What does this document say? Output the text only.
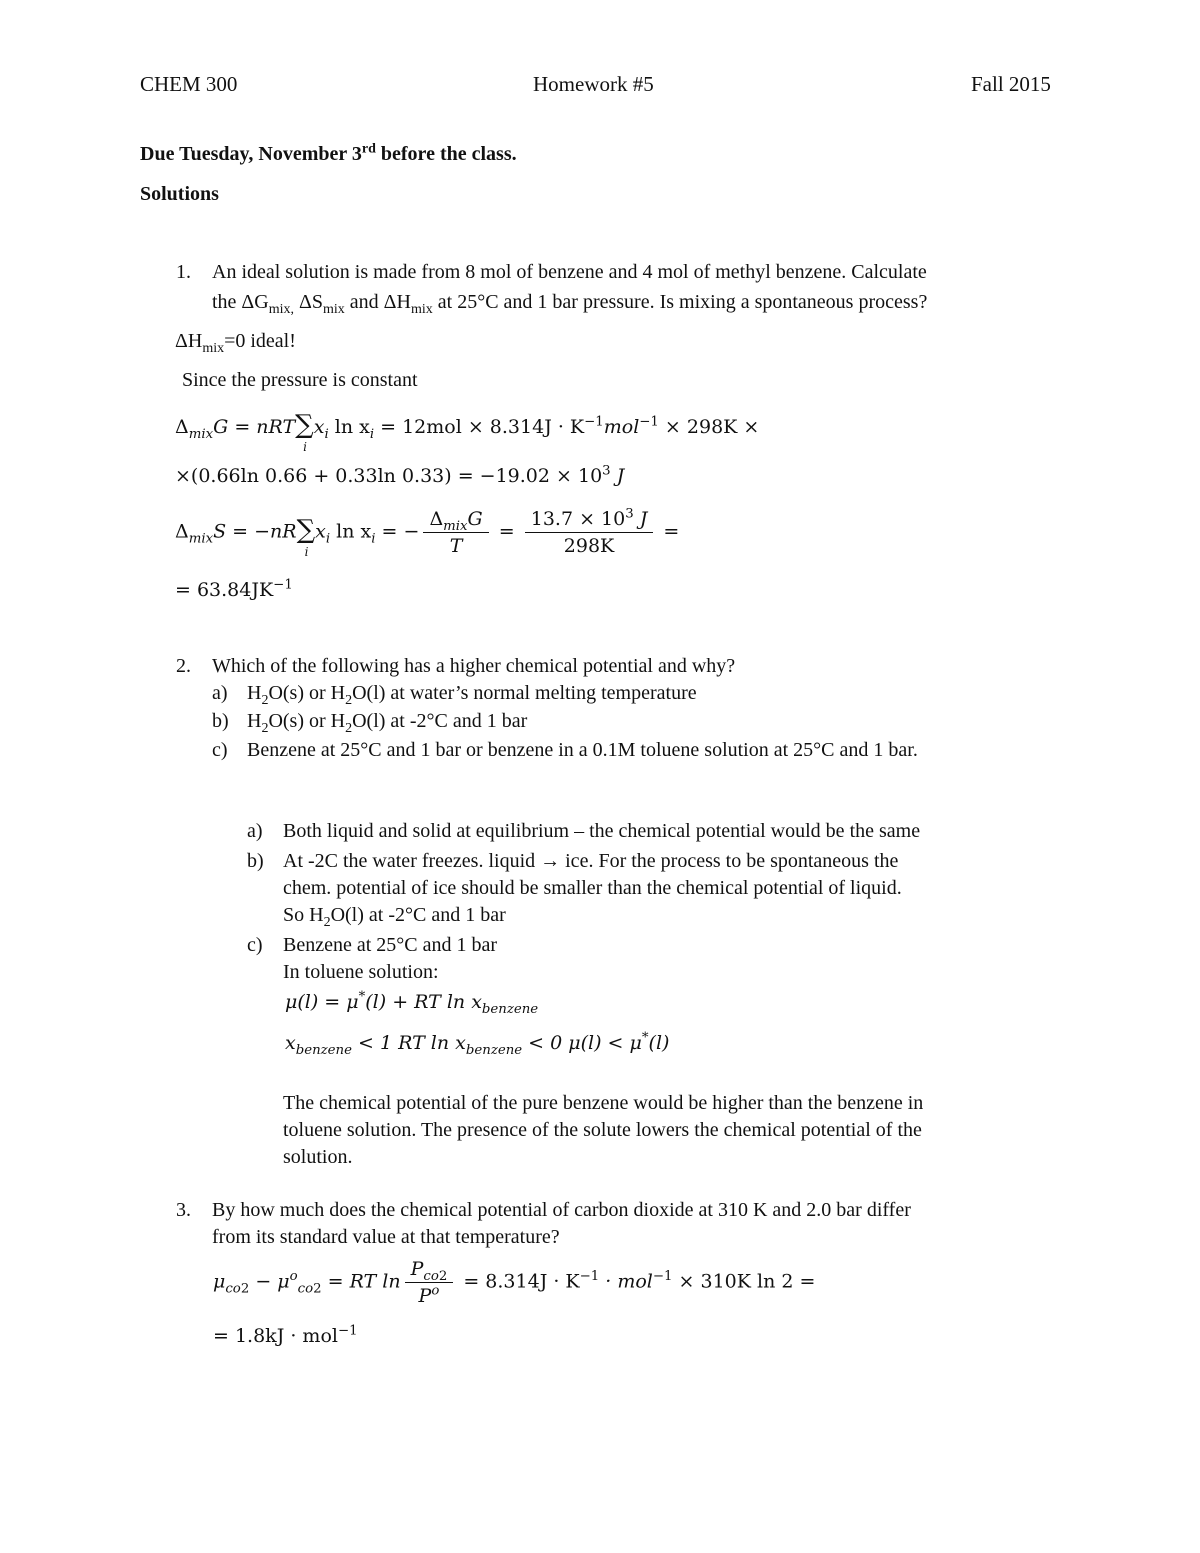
CHEM 300	Homework #5	Fall 2015
Due Tuesday, November 3rd before the class.
Solutions
1. An ideal solution is made from 8 mol of benzene and 4 mol of methyl benzene. Calculate
the $\Delta G_{mix,}$ $\Delta S_{mix}$ and $\Delta H_{mix}$ at 25°C and 1 bar pressure. Is mixing a spontaneous process?
$\Delta H_{mix}=0$ ideal!
Since the pressure is constant
$\Delta_{mix}G = nRT\sum$
i
$x_i$ $\ln x_i = 12mol \times 8.314J \cdot K^{-1}mol^{-1} \times 298K$ ×
×(0.66ln 0.66 + 0.33ln $0.33) = -19.02 \times 10^3$ J
$\Delta_{mix}S = -nR\sum$
i
$x_i$ $\ln x_i$ = − $\frac{\Delta_{mix}G}{T} = \frac{13.7 \times 10^3 J}{298K}$ =
= $63.84JK^{-1}$
2. Which of the following has a higher chemical potential and why?
a) $H_2O(s)$ or $H_2O(l)$ at water’s normal melting temperature
b) $H_2O(s)$ or $H_2O(l)$ at -2°C and 1 bar
c) Benzene at 25°C and 1 bar or benzene in a 0.1M toluene solution at 25°C and 1 bar.
a) Both liquid and solid at equilibrium – the chemical potential would be the same
b) At -2C the water freezes. liquid → ice. For the process to be spontaneous the
chem. potential of ice should be smaller than the chemical potential of liquid.
So $H_2O(l)$ at -2°C and 1 bar
c) Benzene at 25°C and 1 bar
In toluene solution:
μ(l) = μ*(l) + RT $\ln x_{benzene}$
$x_{benzene} < 1$ RT $\ln x_{benzene} < 0$ μ(l) < μ*(l)
The chemical potential of the pure benzene would be higher than the benzene in
toluene solution. The presence of the solute lowers the chemical potential of the
solution.
3. By how much does the chemical potential of carbon dioxide at 310 K and 2.0 bar differ
from its standard value at that temperature?
$\mu_{co2} - \mu^o_{co2}$ = RT $\ln \frac{P_{co2}}{P^o} = 8.314J \cdot K^{-1} \cdot mol^{-1} \times 310K$ ln 2 =
= 1.8kJ · mol$^{-1}$
